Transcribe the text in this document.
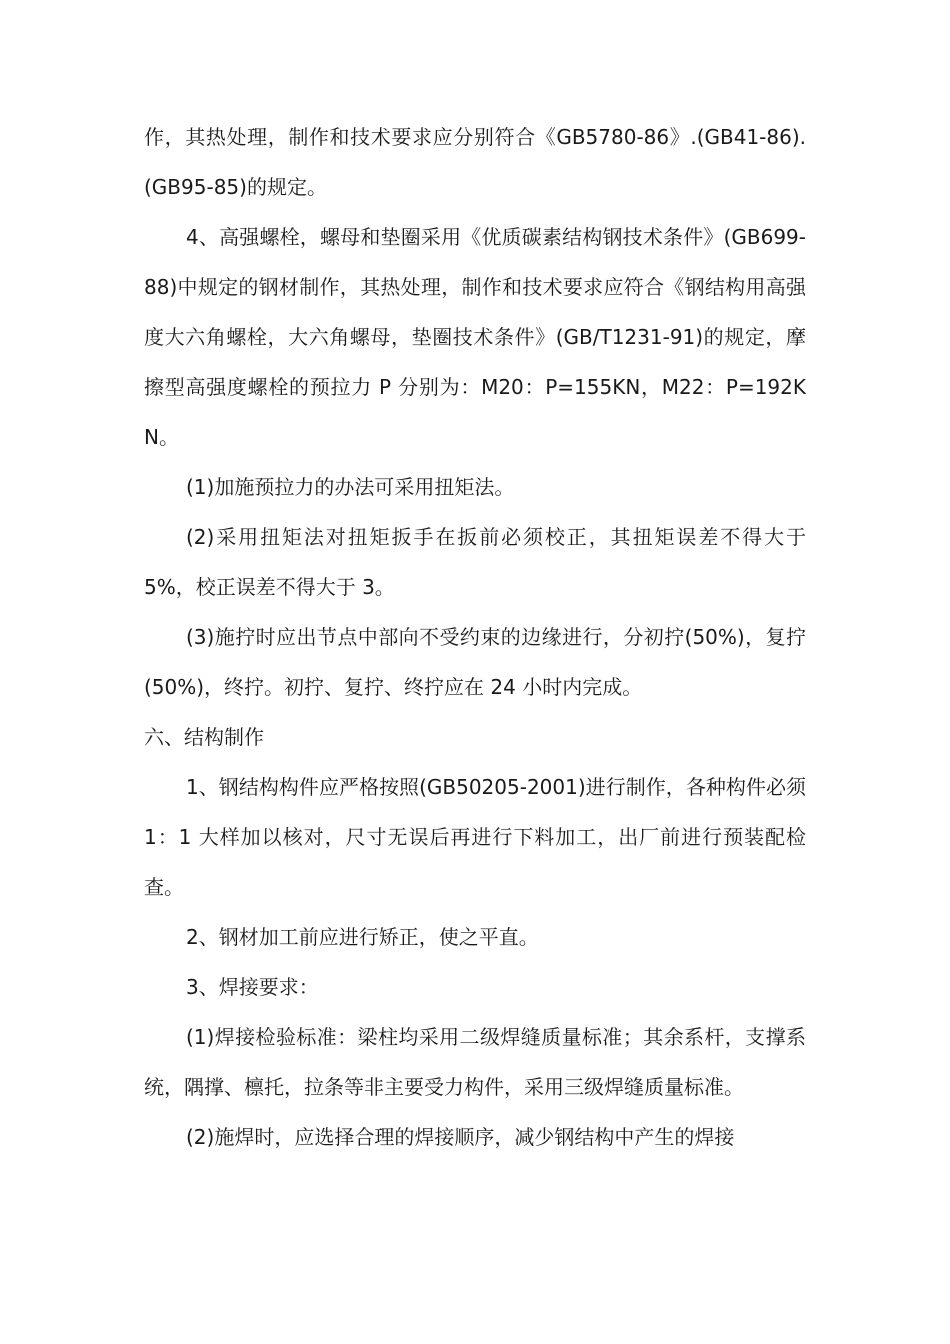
作，其热处理，制作和技术要求应分别符合《GB5780-86》.(GB41-86).(GB95-85)的规定。

4、高强螺栓，螺母和垫圈采用《优质碳素结构钢技术条件》(GB699-88)中规定的钢材制作，其热处理，制作和技术要求应符合《钢结构用高强度大六角螺栓，大六角螺母，垫圈技术条件》(GB/T1231-91)的规定，摩擦型高强度螺栓的预拉力 P 分别为：M20：P=155KN，M22：P=192KN。

(1)加施预拉力的办法可采用扭矩法。

(2)采用扭矩法对扭矩扳手在扳前必须校正，其扭矩误差不得大于5%，校正误差不得大于 3。

(3)施拧时应出节点中部向不受约束的边缘进行，分初拧(50%)，复拧(50%)，终拧。初拧、复拧、终拧应在 24 小时内完成。

六、结构制作

1、钢结构构件应严格按照(GB50205-2001)进行制作，各种构件必须 1：1 大样加以核对，尺寸无误后再进行下料加工，出厂前进行预装配检查。

2、钢材加工前应进行矫正，使之平直。

3、焊接要求：

(1)焊接检验标准：梁柱均采用二级焊缝质量标准；其余系杆，支撑系统，隅撑、檩托，拉条等非主要受力构件，采用三级焊缝质量标准。

(2)施焊时，应选择合理的焊接顺序，减少钢结构中产生的焊接
